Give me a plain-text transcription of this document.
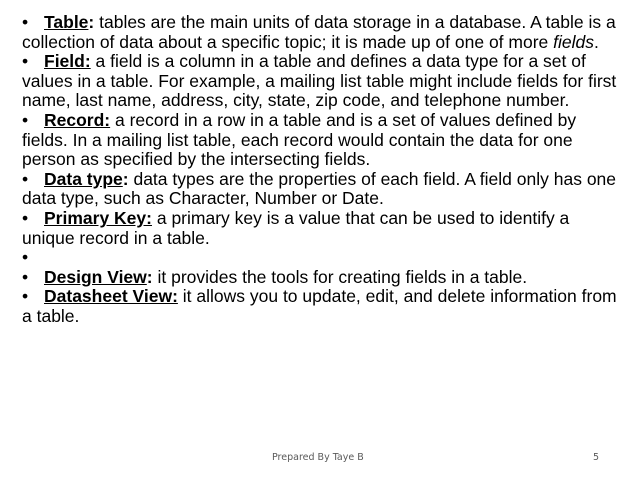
• Table: tables are the main units of data storage in a database. A table is a collection of data about a specific topic; it is made up of one of more fields.

• Field: a field is a column in a table and defines a data type for a set of values in a table. For example, a mailing list table might include fields for first name, last name, address, city, state, zip code, and telephone number.

• Record: a record in a row in a table and is a set of values defined by fields. In a mailing list table, each record would contain the data for one person as specified by the intersecting fields.

• Data type: data types are the properties of each field. A field only has one data type, such as Character, Number or Date.

• Primary Key: a primary key is a value that can be used to identify a unique record in a table.

•

• Design View: it provides the tools for creating fields in a table.

• Datasheet View: it allows you to update, edit, and delete information from a table.

Prepared By Taye B	5
